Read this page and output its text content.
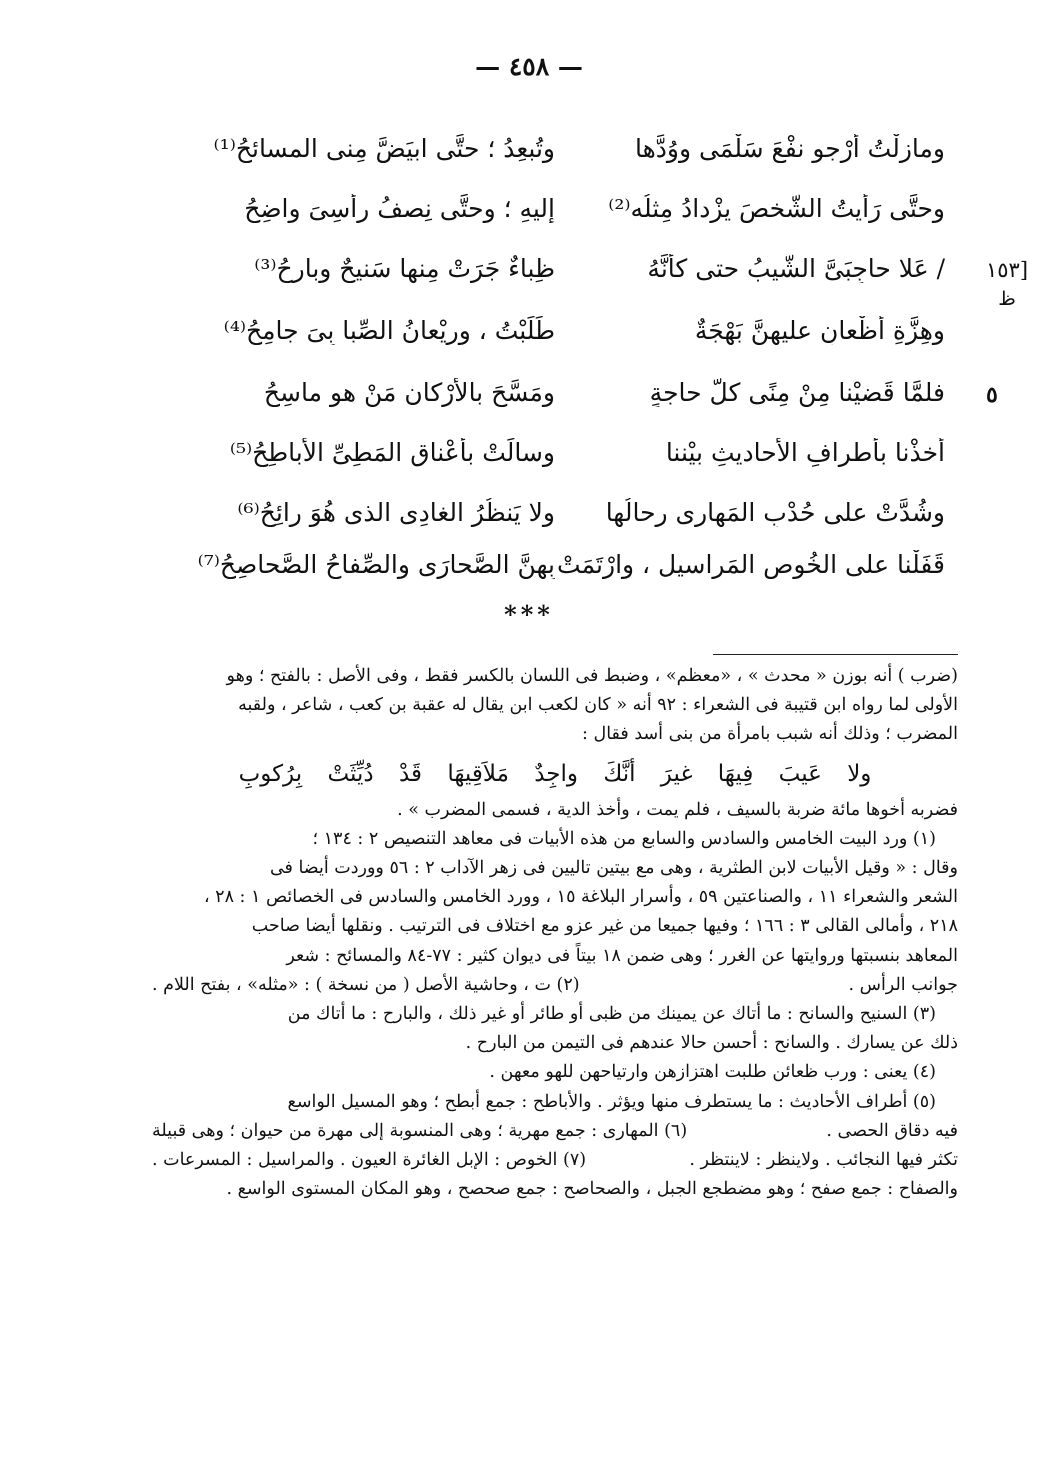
— ٤٥٨ —
[١٥٣
ظ
ومازِلْتُ أرْجو نفْعَ سَلْمَى ووُدَّها
وتُبعِدُ ؛ حتَّى ابيَضَّ مِنى المسائحُ⁽¹⁾
وحتَّى رَأيتُ الشَّخصَ يزْدادُ مِثلُه⁽²⁾
إليهِ ؛ وحتَّى نِصفُ رأْسِىَ واضِحُ
/ عَلا حاجِبَىَّ الشَّيبُ حتى كأنَّهُ
ظِباءٌ جَرَتْ مِنها سَنيحٌ وبارِحُ⁽³⁾
وهِزَّةِ أظْعانٍ عليهِنَّ بَهْجَةٌ
طَلَبْتُ ، وريْعانُ الصِّبا بِىَ جامِحُ⁽⁴⁾
فلمَّا قَضيْنا مِنْ مِنًى كلَّ حاجةٍ
ومَسَّحَ بالأرْكانِ مَنْ هو ماسِحُ	٥
أخذْنا بأطرافِ الأحاديثِ بيْننا
وسالَتْ بأعْناقِ المَطِىِّ الأباطِحُ⁽⁵⁾
وشُدَّتْ على حُدْبِ المَهارِى رِحالُها
ولا يَنظُرُ الغادِى الذى هُوَ رائِحُ⁽⁶⁾
قَفَلْنا على الخُوصِ المَراسيلِ ، وارْتَمَتْ
بِهِنَّ الصَّحارَى والصِّفاحُ الصَّحاصِحُ⁽⁷⁾
***

(ضرب ) أنه بوزن « محدث » ، «معظم» ، وضبط فى اللسان بالكسر فقط ، وفى الأصل : بالفتح ؛ وهو

الأولى لما رواه ابن قتيبة فى الشعراء : ٩٢ أنه « كان لكعب ابن يقال له عقبة بن كعب ، شاعر ، ولقبه

المضرب ؛ وذلك أنه شبب بامرأة من بنى أسد فقال :

ولا عَيبَ فِيهَا غيرَ أنَّكَ واجِدٌ مَلاَقِيهَا قَدْ دُيِّثَتْ بِرُكوبِ

فضربه أخوها مائة ضربة بالسيف ، فلم يمت ، وأخذ الدية ، فسمى المضرب » .

(١) ورد البيت الخامس والسادس والسابع من هذه الأبيات فى معاهد التنصيص ٢ : ١٣٤ ؛

وقال : « وقيل الأبيات لابن الطثرية ، وهى مع بيتين تاليين فى زهر الآداب ٢ : ٥٦ ووردت أيضا فى

الشعر والشعراء ١١ ، والصناعتين ٥٩ ، وأسرار البلاغة ١٥ ، وورد الخامس والسادس فى الخصائص ١ : ٢٨ ،

٢١٨ ، وأمالى القالى ٣ : ١٦٦ ؛ وفيها جميعا من غير عزو مع اختلاف فى الترتيب . ونقلها أيضا صاحب

المعاهد بنسبتها وروايتها عن الغرر ؛ وهى ضمن ١٨ بيتاً فى ديوان كثير : ٧٧-٨٤ والمسائح : شعر

جوانب الرأس .
(٢) ت ، وحاشية الأصل ( من نسخة ) : «مثله» ، بفتح اللام .

(٣) السنيح والسانح : ما أتاك عن يمينك من ظبى أو طائر أو غير ذلك ، والبارح : ما أتاك من

ذلك عن يسارك . والسانح : أحسن حالا عندهم فى التيمن من البارح .

(٤) يعنى : ورب ظعائن طلبت اهتزازهن وارتياحهن للهو معهن .

(٥) أطراف الأحاديث : ما يستطرف منها ويؤثر . والأباطح : جمع أبطح ؛ وهو المسيل الواسع

فيه دقاق الحصى .
(٦) المهارى : جمع مهرية ؛ وهى المنسوبة إلى مهرة من حيوان ؛ وهى قبيلة

تكثر فيها النجائب . ولاينظر : لاينتظر .
(٧) الخوص : الإبل الغائرة العيون . والمراسيل : المسرعات .

والصفاح : جمع صفح ؛ وهو مضطجع الجبل ، والصحاصح : جمع صحصح ، وهو المكان المستوى الواسع .
